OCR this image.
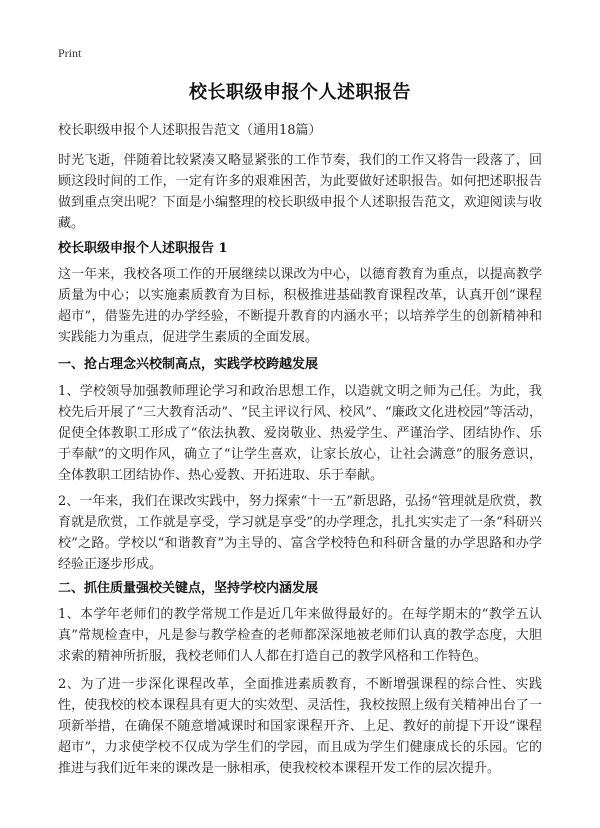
Print
校长职级申报个人述职报告
校长职级申报个人述职报告范文（通用18篇）

时光飞逝，伴随着比较紧凑又略显紧张的工作节奏，我们的工作又将告一段落了，回顾这段时间的工作，一定有许多的艰难困苦，为此要做好述职报告。如何把述职报告做到重点突出呢？下面是小编整理的校长职级申报个人述职报告范文，欢迎阅读与收藏。

校长职级申报个人述职报告 1

这一年来，我校各项工作的开展继续以课改为中心，以德育教育为重点，以提高教学质量为中心；以实施素质教育为目标，积极推进基础教育课程改革，认真开创“课程超市”，借鉴先进的办学经验，不断提升教育的内涵水平；以培养学生的创新精神和实践能力为重点，促进学生素质的全面发展。

一、抢占理念兴校制高点，实践学校跨越发展

1、学校领导加强教师理论学习和政治思想工作，以造就文明之师为己任。为此，我校先后开展了“三大教育活动”、“民主评议行风、校风”、“廉政文化进校园”等活动，促使全体教职工形成了“依法执教、爱岗敬业、热爱学生、严谨治学、团结协作、乐于奉献”的文明作风，确立了“让学生喜欢，让家长放心，让社会满意”的服务意识，全体教职工团结协作、热心爱教、开拓进取、乐于奉献。

2、一年来，我们在课改实践中，努力探索“十一五”新思路，弘扬“管理就是欣赏，教育就是欣赏，工作就是享受，学习就是享受”的办学理念，扎扎实实走了一条“科研兴校”之路。学校以“和谐教育”为主导的、富含学校特色和科研含量的办学思路和办学经验正逐步形成。

二、抓住质量强校关键点，坚持学校内涵发展

1、本学年老师们的教学常规工作是近几年来做得最好的。在每学期末的“教学五认真”常规检查中，凡是参与教学检查的老师都深深地被老师们认真的教学态度，大胆求索的精神所折服，我校老师们人人都在打造自己的教学风格和工作特色。

2、为了进一步深化课程改革，全面推进素质教育，不断增强课程的综合性、实践性，使我校的校本课程具有更大的实效型、灵活性，我校按照上级有关精神出台了一项新举措，在确保不随意增减课时和国家课程开齐、上足、教好的前提下开设“课程超市”，力求使学校不仅成为学生们的学园，而且成为学生们健康成长的乐园。它的推进与我们近年来的课改是一脉相承，使我校校本课程开发工作的层次提升。
